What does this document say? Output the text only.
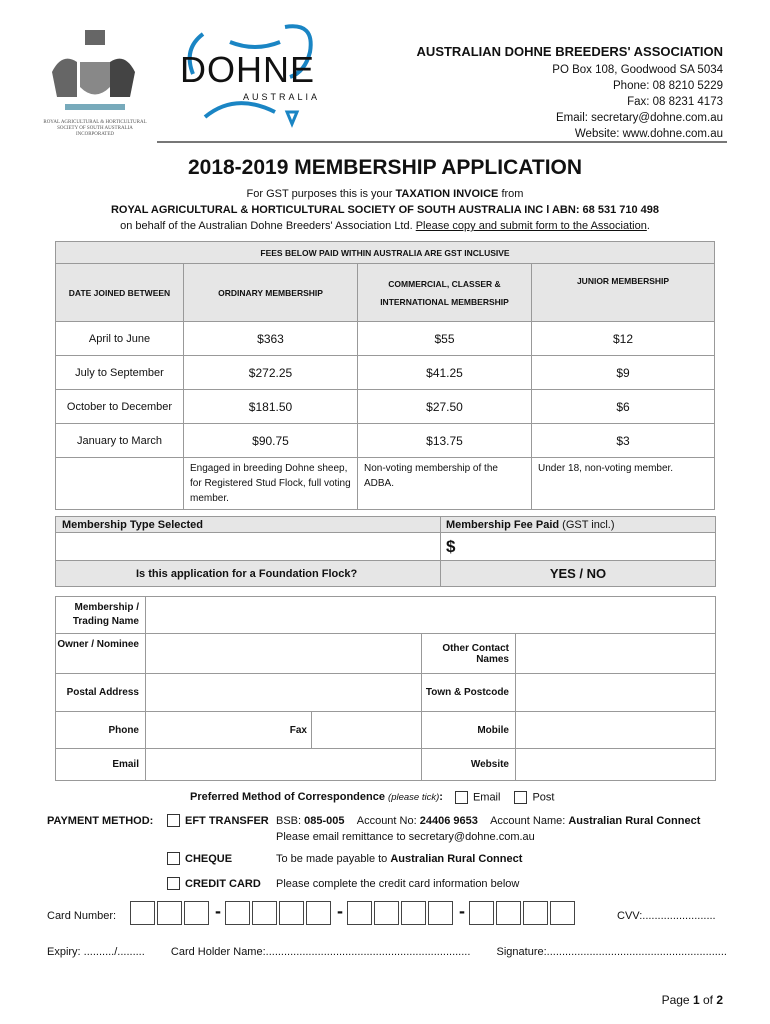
ROYAL AGRICULTURAL & HORTICULTURAL SOCIETY OF SOUTH AUSTRALIA INCORPORATED
DOHNE
AUSTRALIA
AUSTRALIAN DOHNE BREEDERS' ASSOCIATION
PO Box 108, Goodwood SA 5034
Phone: 08 8210 5229
Fax: 08 8231 4173
Email: secretary@dohne.com.au
Website: www.dohne.com.au
2018-2019 MEMBERSHIP APPLICATION
For GST purposes this is your TAXATION INVOICE from
ROYAL AGRICULTURAL & HORTICULTURAL SOCIETY OF SOUTH AUSTRALIA INC l ABN: 68 531 710 498
on behalf of the Australian Dohne Breeders' Association Ltd. Please copy and submit form to the Association.
FEES BELOW PAID WITHIN AUSTRALIA ARE GST INCLUSIVE			
DATE JOINED BETWEEN	ORDINARY MEMBERSHIP	COMMERCIAL, CLASSER & INTERNATIONAL MEMBERSHIP	JUNIOR MEMBERSHIP
April to June	$363	$55	$12
July to September	$272.25	$41.25	$9
October to December	$181.50	$27.50	$6
January to March	$90.75	$13.75	$3
	Engaged in breeding Dohne sheep, for Registered Stud Flock, full voting member.	Non-voting membership of the ADBA.	Under 18, non-voting member.
Membership Type Selected	Membership Fee Paid (GST incl.)
	$
Is this application for a Foundation Flock?	YES / NO
Membership / Trading Name				
Owner / Nominee			Other Contact Names	
Postal Address			Town & Postcode	
Phone	Fax		Mobile	
Email			Website	
Preferred Method of Correspondence (please tick):	Email	Post
PAYMENT METHOD:	EFT TRANSFER BSB: 085-005 Account No: 24406 9653 Account Name: Australian Rural Connect
Please email remittance to secretary@dohne.com.au
CHEQUE	To be made payable to Australian Rural Connect
CREDIT CARD Please complete the credit card information below
Card Number:	-	-	-	CVV:........................
Expiry: ........../......... Card Holder Name:................................................................... Signature:...........................................................
Page 1 of 2
